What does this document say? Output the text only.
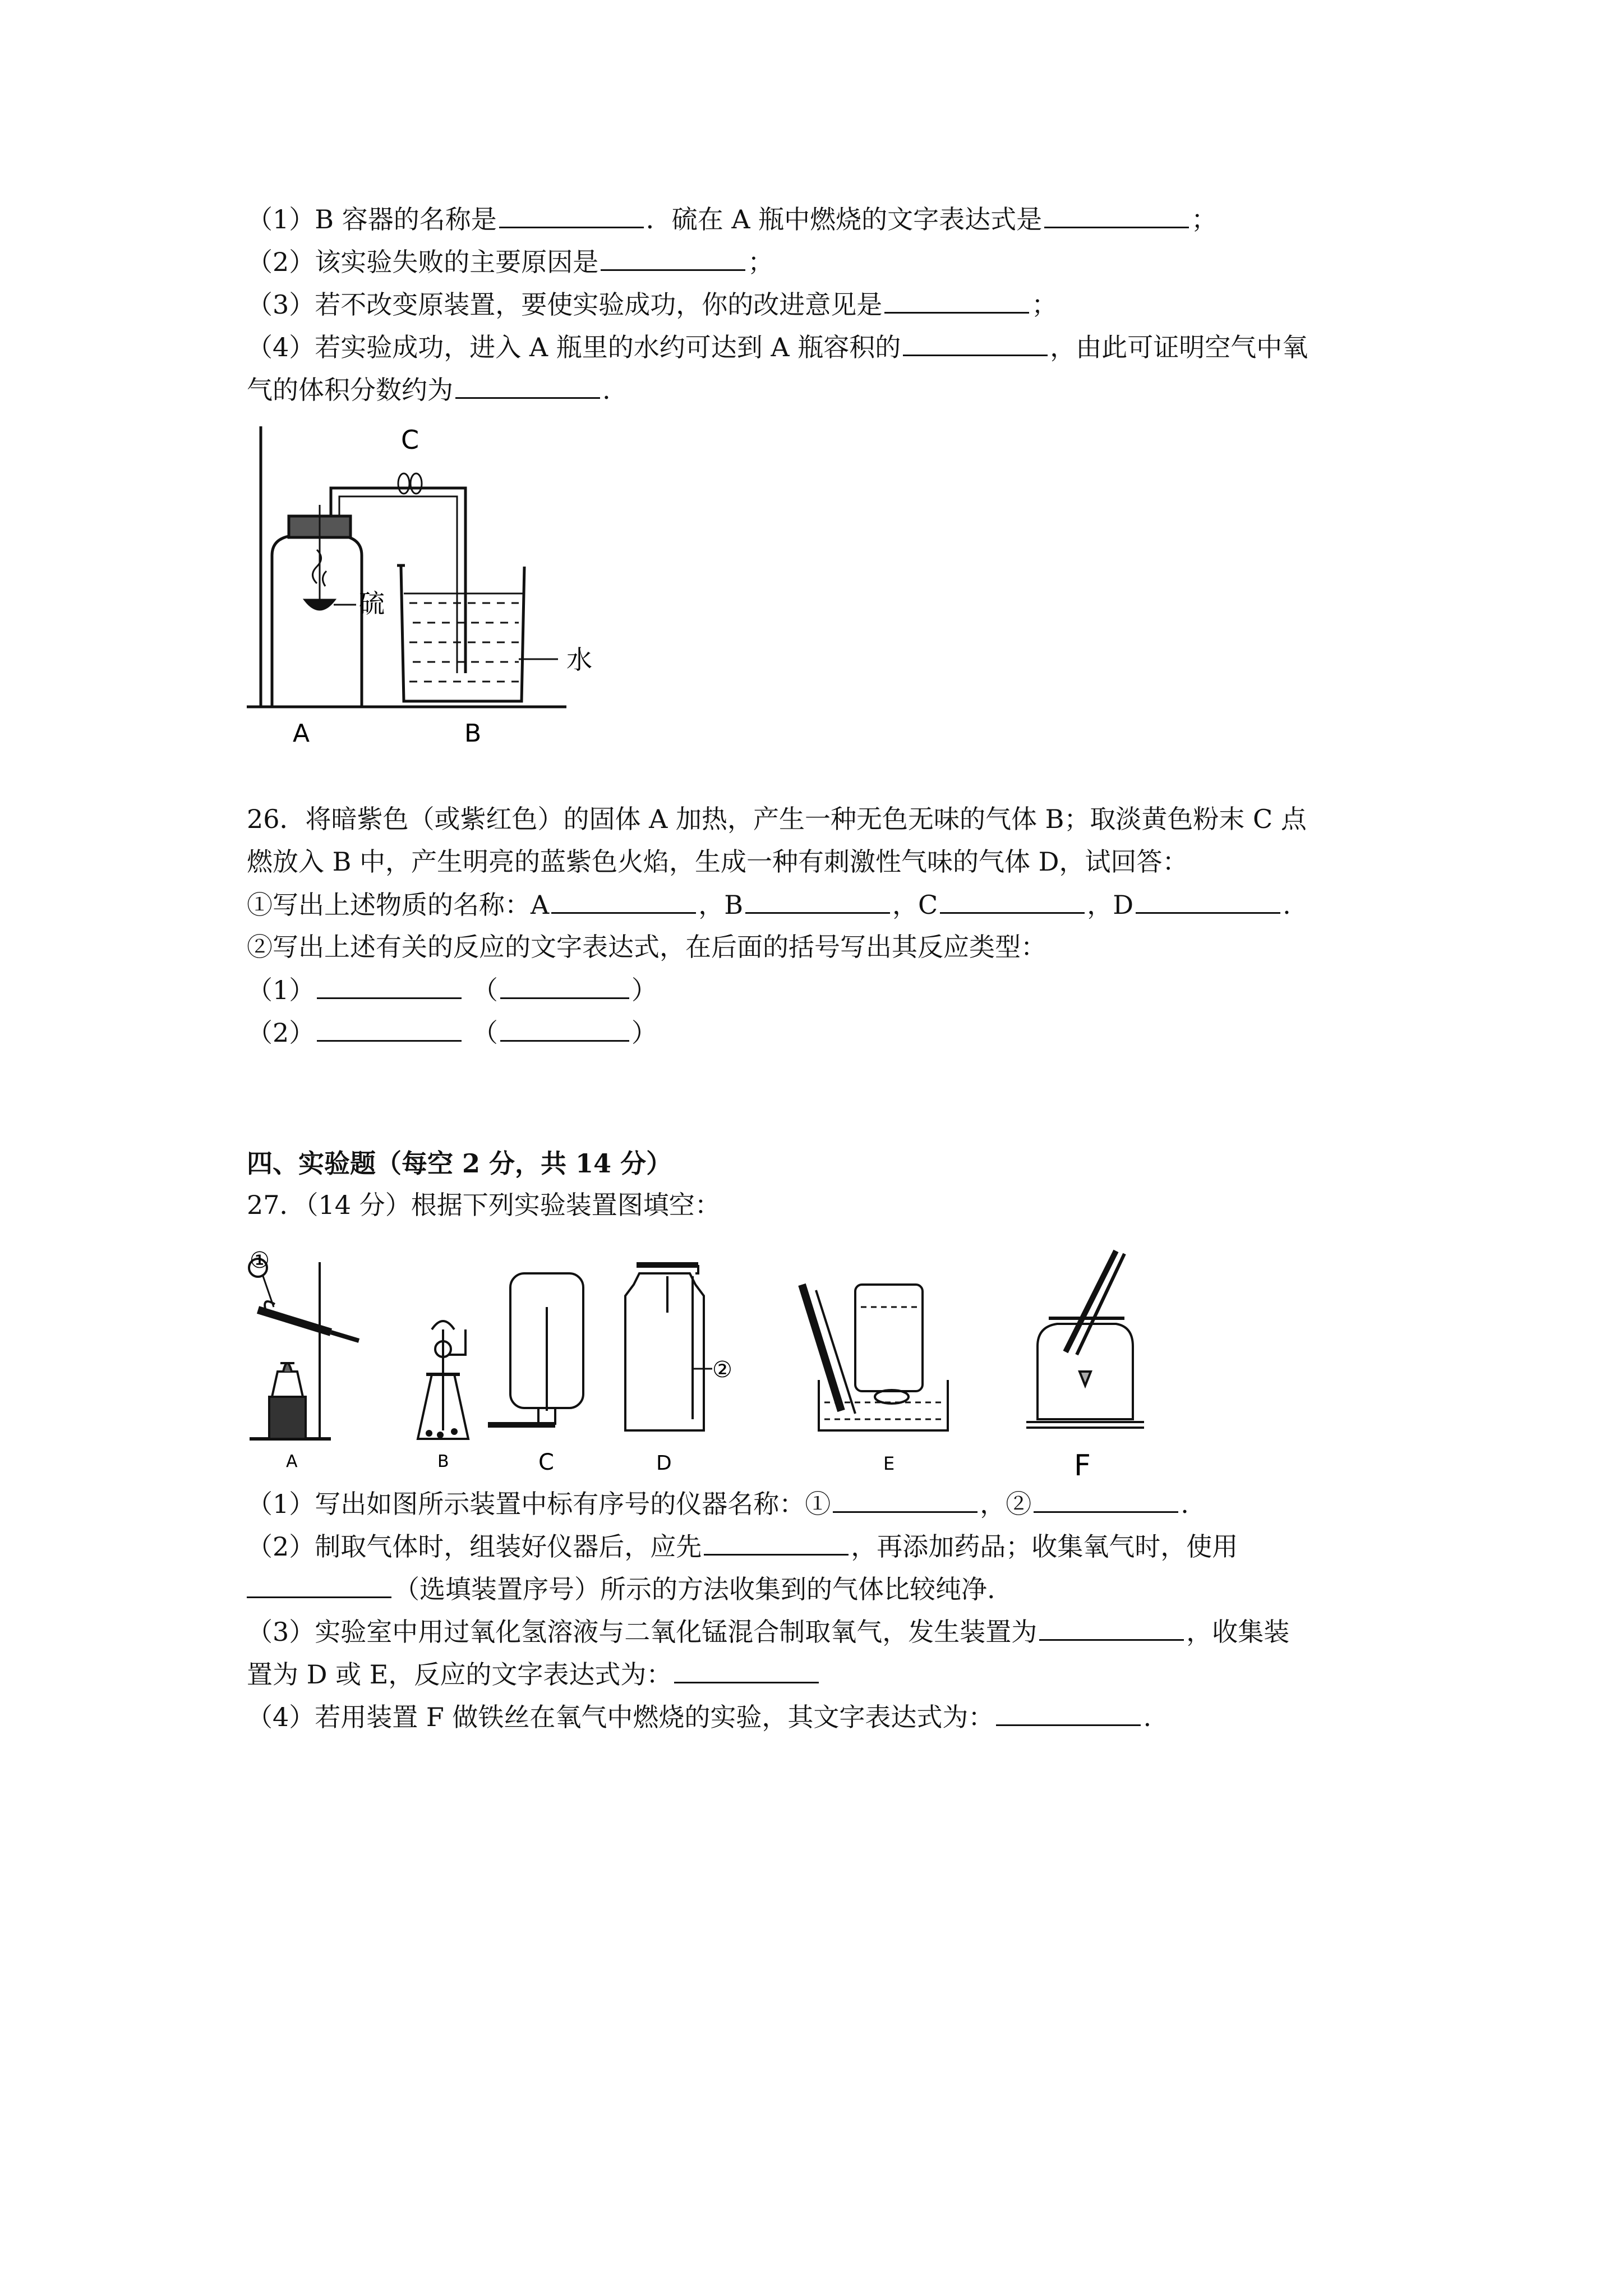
（1）B 容器的名称是	．硫在 A 瓶中燃烧的文字表达式是	；
（2）该实验失败的主要原因是	；
（3）若不改变原装置，要使实验成功，你的改进意见是	；
（4）若实验成功，进入 A 瓶里的水约可达到 A 瓶容积的	，由此可证明空气中氧
气的体积分数约为	.
C
硫
水
A	B
26．将暗紫色（或紫红色）的固体 A 加热，产生一种无色无味的气体 B；取淡黄色粉末 C 点
燃放入 B 中，产生明亮的蓝紫色火焰，生成一种有刺激性气味的气体 D，试回答：
①写出上述物质的名称：A	，B	，C	，D	.
②写出上述有关的反应的文字表达式，在后面的括号写出其反应类型：
（1）	（	）
（2）	（	）
四、实验题（每空 2 分，共 14 分）
27．（14 分）根据下列实验装置图填空：
①
②
A	B	C	D	E	F
（1）写出如图所示装置中标有序号的仪器名称：①	，②	.
（2）制取气体时，组装好仪器后，应先	，再添加药品；收集氧气时，使用
（选填装置序号）所示的方法收集到的气体比较纯净.
（3）实验室中用过氧化氢溶液与二氧化锰混合制取氧气，发生装置为	，收集装
置为 D 或 E，反应的文字表达式为：
（4）若用装置 F 做铁丝在氧气中燃烧的实验，其文字表达式为：	.
